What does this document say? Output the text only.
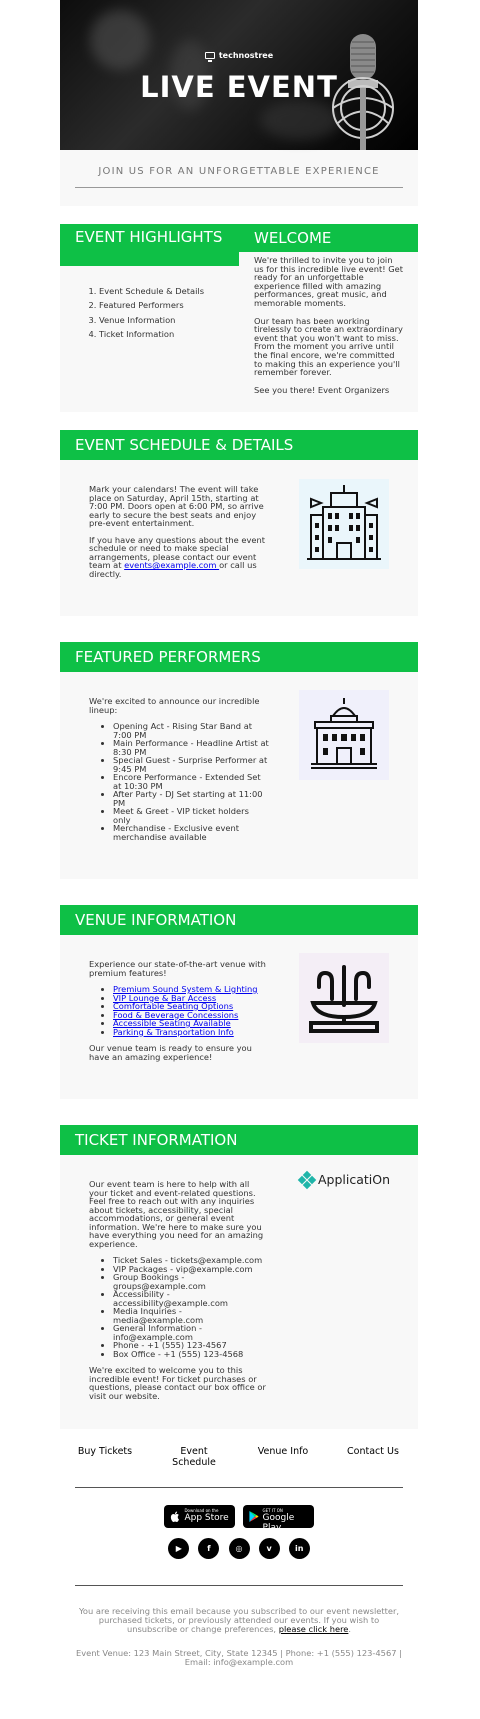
technostree
LIVE EVENT
JOIN US FOR AN UNFORGETTABLE EXPERIENCE
EVENT HIGHLIGHTS	WELCOME
1. Event Schedule & Details
2. Featured Performers
3. Venue Information
4. Ticket Information

We're thrilled to invite you to join us for this incredible live event! Get ready for an unforgettable experience filled with amazing performances, great music, and memorable moments.

Our team has been working tirelessly to create an extraordinary event that you won't want to miss. From the moment you arrive until the final encore, we're committed to making this an experience you'll remember forever.

See you there! Event Organizers

EVENT SCHEDULE & DETAILS

Mark your calendars! The event will take place on Saturday, April 15th, starting at 7:00 PM. Doors open at 6:00 PM, so arrive early to secure the best seats and enjoy pre-event entertainment.

If you have any questions about the event schedule or need to make special arrangements, please contact our event team at events@example.com or call us directly.

FEATURED PERFORMERS

We're excited to announce our incredible lineup:

• Opening Act - Rising Star Band at 7:00 PM
• Main Performance - Headline Artist at 8:30 PM
• Special Guest - Surprise Performer at 9:45 PM
• Encore Performance - Extended Set at 10:30 PM
• After Party - DJ Set starting at 11:00 PM
• Meet & Greet - VIP ticket holders only
• Merchandise - Exclusive event merchandise available
VENUE INFORMATION

Experience our state-of-the-art venue with premium features!

• Premium Sound System & Lighting
• VIP Lounge & Bar Access
• Comfortable Seating Options
• Food & Beverage Concessions
• Accessible Seating Available
• Parking & Transportation Info

Our venue team is ready to ensure you have an amazing experience!

TICKET INFORMATION

Our event team is here to help with all your ticket and event-related questions. Feel free to reach out with any inquiries about tickets, accessibility, special accommodations, or general event information. We're here to make sure you have everything you need for an amazing experience.

• Ticket Sales - tickets@example.com
• VIP Packages - vip@example.com
• Group Bookings - groups@example.com
• Accessibility - accessibility@example.com
• Media Inquiries - media@example.com
• General Information - info@example.com
• Phone - +1 (555) 123-4567
• Box Office - +1 (555) 123-4568

We're excited to welcome you to this incredible event! For ticket purchases or questions, please contact our box office or visit our website.

ApplicatiOn
Buy Tickets	Event Schedule
Venue Info	Contact Us
Download on the
App Store

GET IT ON
Google Play
▶	f	◎	v	in
You are receiving this email because you subscribed to our event newsletter, purchased tickets, or previously attended our events. If you wish to unsubscribe or change preferences, please click here.
Event Venue: 123 Main Street, City, State 12345 | Phone: +1 (555) 123-4567 | Email: info@example.com
